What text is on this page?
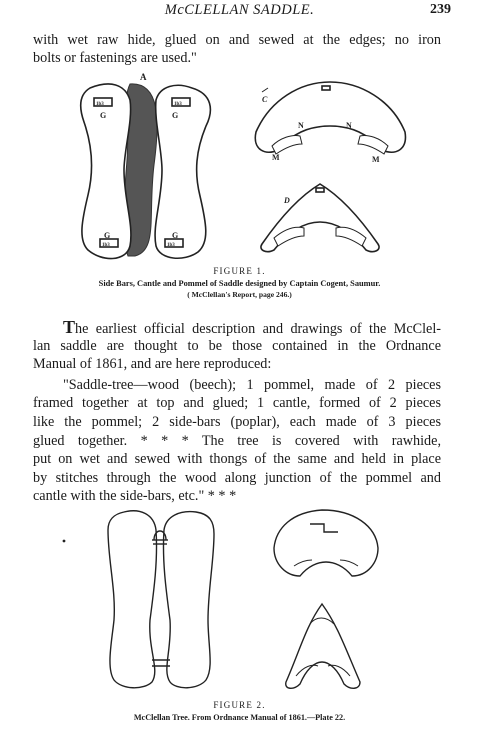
McCLELLAN SADDLE.	239
with wet raw hide, glued on and sewed at the edges; no iron
bolts or fastenings are used."
A
1b3	1b3
1b3	1b3
G	G
G	G
C
N	N
M	M
D
FIGURE 1.
Side Bars, Cantle and Pommel of Saddle designed by Captain Cogent, Saumur.
( McClellan's Report, page 246.)
The earliest official description and drawings of the McClel-
lan saddle are thought to be those contained in the Ordnance
Manual of 1861, and are here reproduced:
"Saddle-tree—wood (beech); 1 pommel, made of 2 pieces
framed together at top and glued; 1 cantle, formed of 2 pieces
like the pommel; 2 side-bars (poplar), each made of 3 pieces
glued together. * * * The tree is covered with rawhide,
put on wet and sewed with thongs of the same and held in place
by stitches through the wood along junction of the pommel and
cantle with the side-bars, etc." * * *
FIGURE 2.
McClellan Tree. From Ordnance Manual of 1861.—Plate 22.
